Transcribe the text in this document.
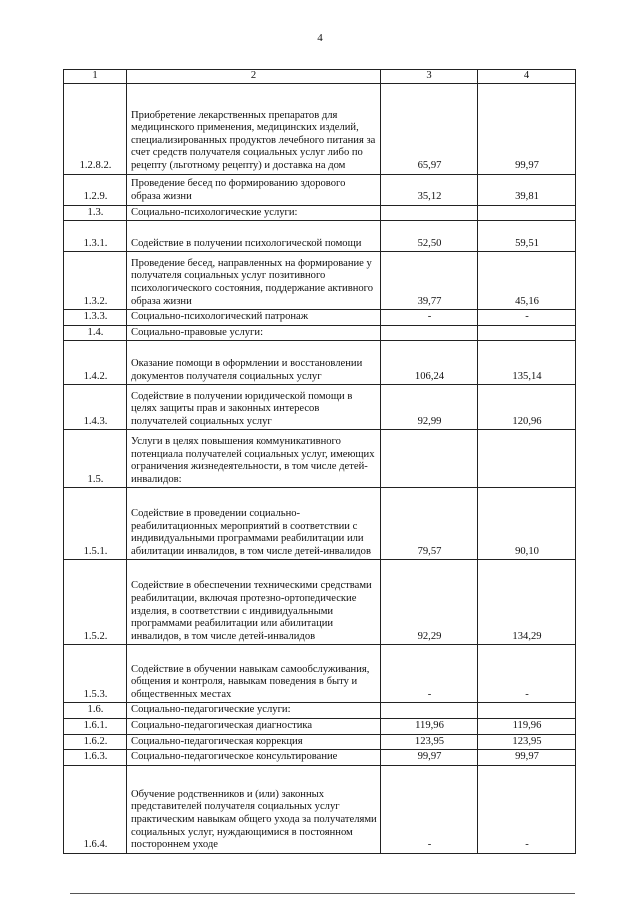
4
1	2	3	4
1.2.8.2.	Приобретение лекарственных препаратов для медицинского применения, медицинских изделий, специализированных продуктов лечебного питания за счет средств получателя социальных услуг либо по рецепту (льготному рецепту) и доставка на дом	65,97	99,97
1.2.9.	Проведение бесед по формированию здорового образа жизни	35,12	39,81
1.3.	Социально-психологические услуги:		
1.3.1.	Содействие в получении психологической помощи	52,50	59,51
1.3.2.	Проведение бесед, направленных на формирование у получателя социальных услуг позитивного психологического состояния, поддержание активного образа жизни	39,77	45,16
1.3.3.	Социально-психологический патронаж	-	-
1.4.	Социально-правовые услуги:		
1.4.2.	Оказание помощи в оформлении и восстановлении документов получателя социальных услуг	106,24	135,14
1.4.3.	Содействие в получении юридической помощи в целях защиты прав и законных интересов получателей социальных услуг	92,99	120,96
1.5.	Услуги в целях повышения коммуникативного потенциала получателей социальных услуг, имеющих ограничения жизнедеятельности, в том числе детей-инвалидов:		
1.5.1.	Содействие в проведении социально-реабилитационных мероприятий в соответствии с индивидуальными программами реабилитации или абилитации инвалидов, в том числе детей-инвалидов	79,57	90,10
1.5.2.	Содействие в обеспечении техническими средствами реабилитации, включая протезно-ортопедические изделия, в соответствии с индивидуальными программами реабилитации или абилитации инвалидов, в том числе детей-инвалидов	92,29	134,29
1.5.3.	Содействие в обучении навыкам самообслуживания, общения и контроля, навыкам поведения в быту и общественных местах	-	-
1.6.	Социально-педагогические услуги:		
1.6.1.	Социально-педагогическая диагностика	119,96	119,96
1.6.2.	Социально-педагогическая коррекция	123,95	123,95
1.6.3.	Социально-педагогическое консультирование	99,97	99,97
1.6.4.	Обучение родственников и (или) законных представителей получателя социальных услуг практическим навыкам общего ухода за получателями социальных услуг, нуждающимися в постоянном постороннем уходе	-	-
